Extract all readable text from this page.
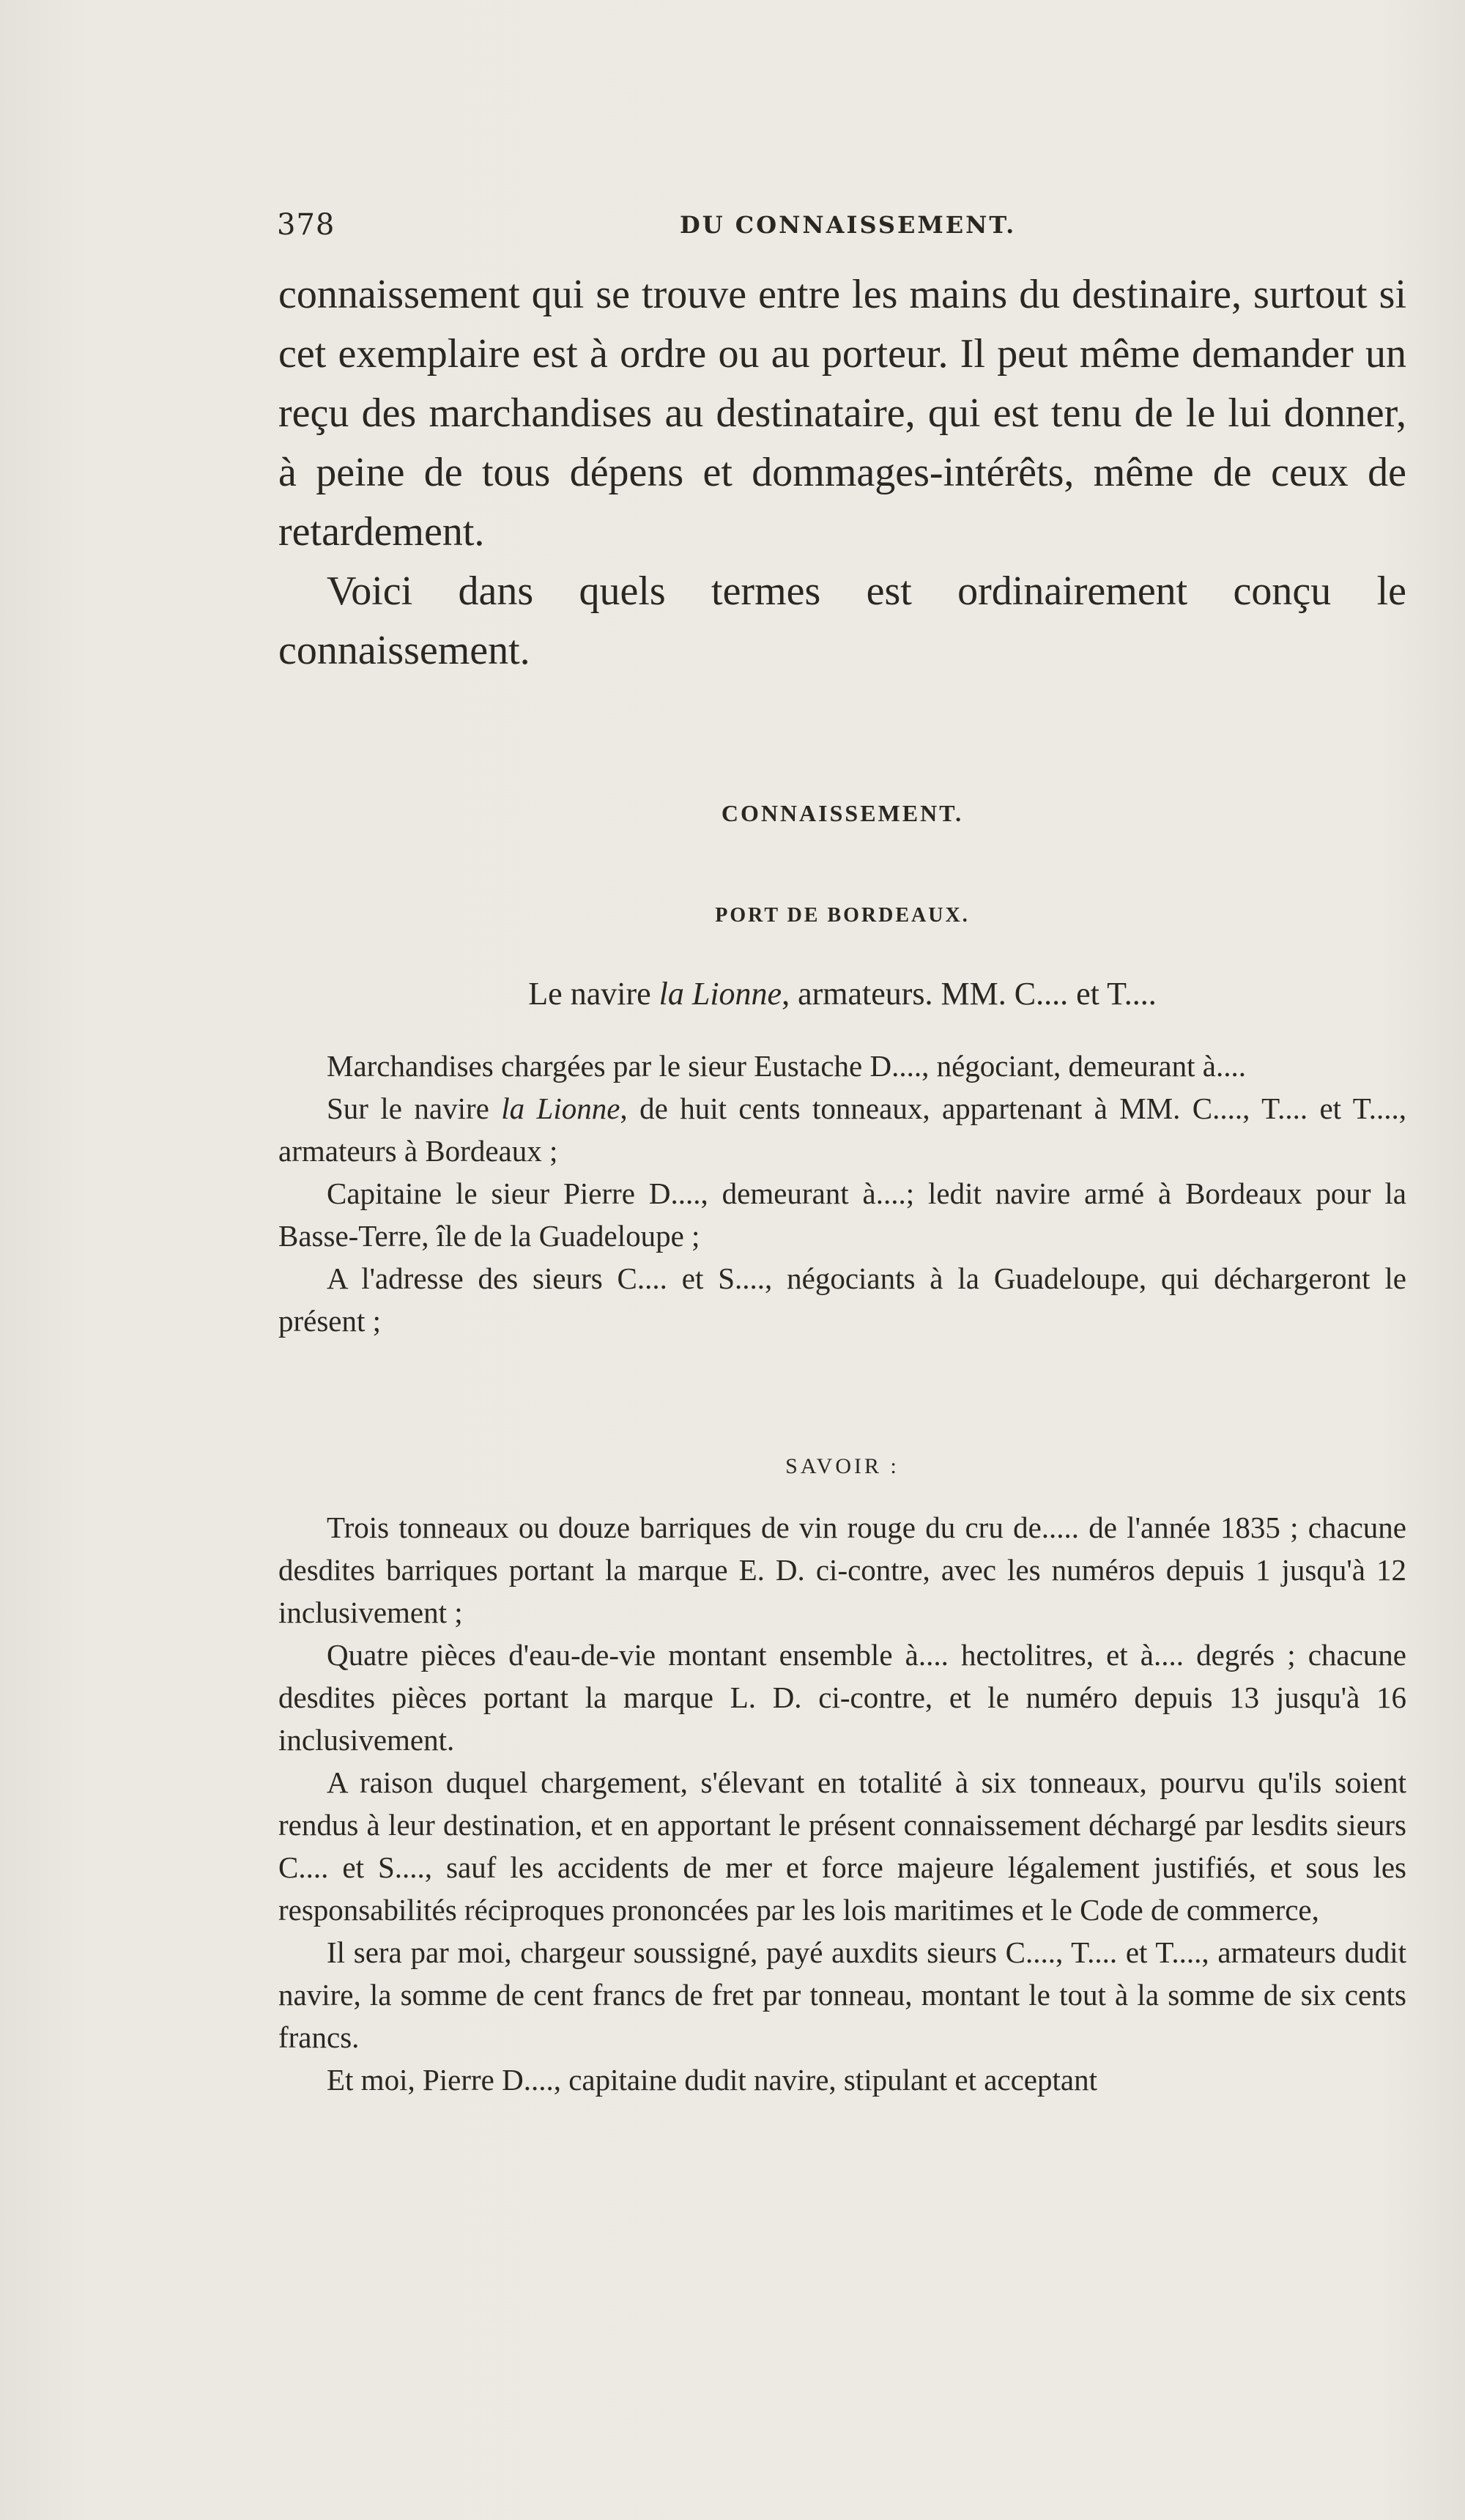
378	DU CONNAISSEMENT.

connaissement qui se trouve entre les mains du destinaire, surtout si cet exemplaire est à ordre ou au porteur. Il peut même demander un reçu des marchandises au destinataire, qui est tenu de le lui donner, à peine de tous dépens et dommages-intérêts, même de ceux de retardement.

Voici dans quels termes est ordinairement conçu le connaissement.

CONNAISSEMENT.
PORT DE BORDEAUX.
Le navire la Lionne, armateurs. MM. C.... et T....

Marchandises chargées par le sieur Eustache D...., négociant, demeurant à....

Sur le navire la Lionne, de huit cents tonneaux, appartenant à MM. C...., T.... et T...., armateurs à Bordeaux ;

Capitaine le sieur Pierre D...., demeurant à....; ledit navire armé à Bordeaux pour la Basse-Terre, île de la Guadeloupe ;

A l'adresse des sieurs C.... et S...., négociants à la Guadeloupe, qui déchargeront le présent ;

SAVOIR :

Trois tonneaux ou douze barriques de vin rouge du cru de..... de l'année 1835 ; chacune desdites barriques portant la marque E. D. ci-contre, avec les numéros depuis 1 jusqu'à 12 inclusivement ;

Quatre pièces d'eau-de-vie montant ensemble à.... hectolitres, et à.... degrés ; chacune desdites pièces portant la marque L. D. ci-contre, et le numéro depuis 13 jusqu'à 16 inclusivement.

A raison duquel chargement, s'élevant en totalité à six tonneaux, pourvu qu'ils soient rendus à leur destination, et en apportant le présent connaissement déchargé par lesdits sieurs C.... et S...., sauf les accidents de mer et force majeure légalement justifiés, et sous les responsabilités réciproques prononcées par les lois maritimes et le Code de commerce,

Il sera par moi, chargeur soussigné, payé auxdits sieurs C...., T.... et T...., armateurs dudit navire, la somme de cent francs de fret par tonneau, montant le tout à la somme de six cents francs.

Et moi, Pierre D...., capitaine dudit navire, stipulant et acceptant
